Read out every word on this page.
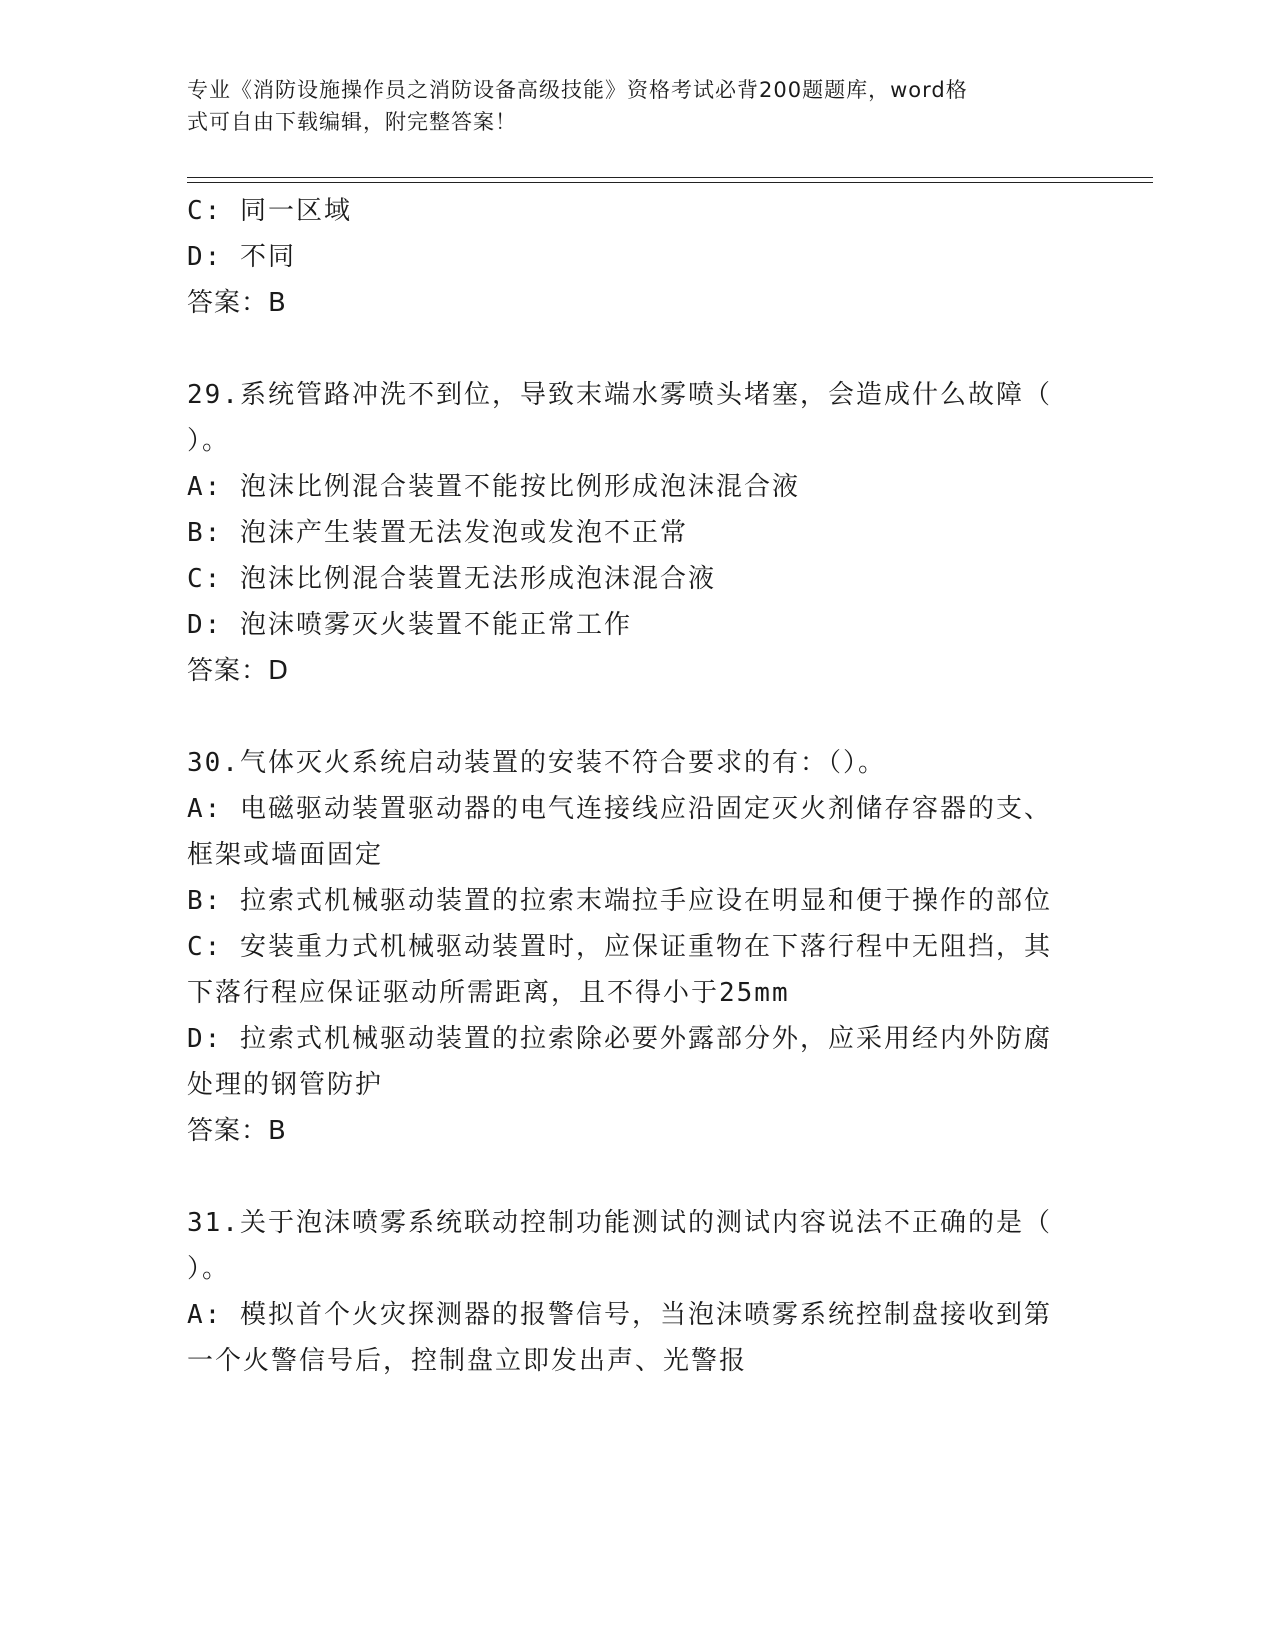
专业《消防设施操作员之消防设备高级技能》资格考试必背200题题库，word格
式可自由下载编辑，附完整答案！

C: 同一区域

D: 不同

答案：B

29.系统管路冲洗不到位，导致末端水雾喷头堵塞，会造成什么故障（

）。

A: 泡沫比例混合装置不能按比例形成泡沫混合液

B: 泡沫产生装置无法发泡或发泡不正常

C: 泡沫比例混合装置无法形成泡沫混合液

D: 泡沫喷雾灭火装置不能正常工作

答案：D

30.气体灭火系统启动装置的安装不符合要求的有：（）。

A: 电磁驱动装置驱动器的电气连接线应沿固定灭火剂储存容器的支、

框架或墙面固定

B: 拉索式机械驱动装置的拉索末端拉手应设在明显和便于操作的部位

C: 安装重力式机械驱动装置时，应保证重物在下落行程中无阻挡，其

下落行程应保证驱动所需距离，且不得小于25mm

D: 拉索式机械驱动装置的拉索除必要外露部分外，应采用经内外防腐

处理的钢管防护

答案：B

31.关于泡沫喷雾系统联动控制功能测试的测试内容说法不正确的是（

）。

A: 模拟首个火灾探测器的报警信号，当泡沫喷雾系统控制盘接收到第

一个火警信号后，控制盘立即发出声、光警报
